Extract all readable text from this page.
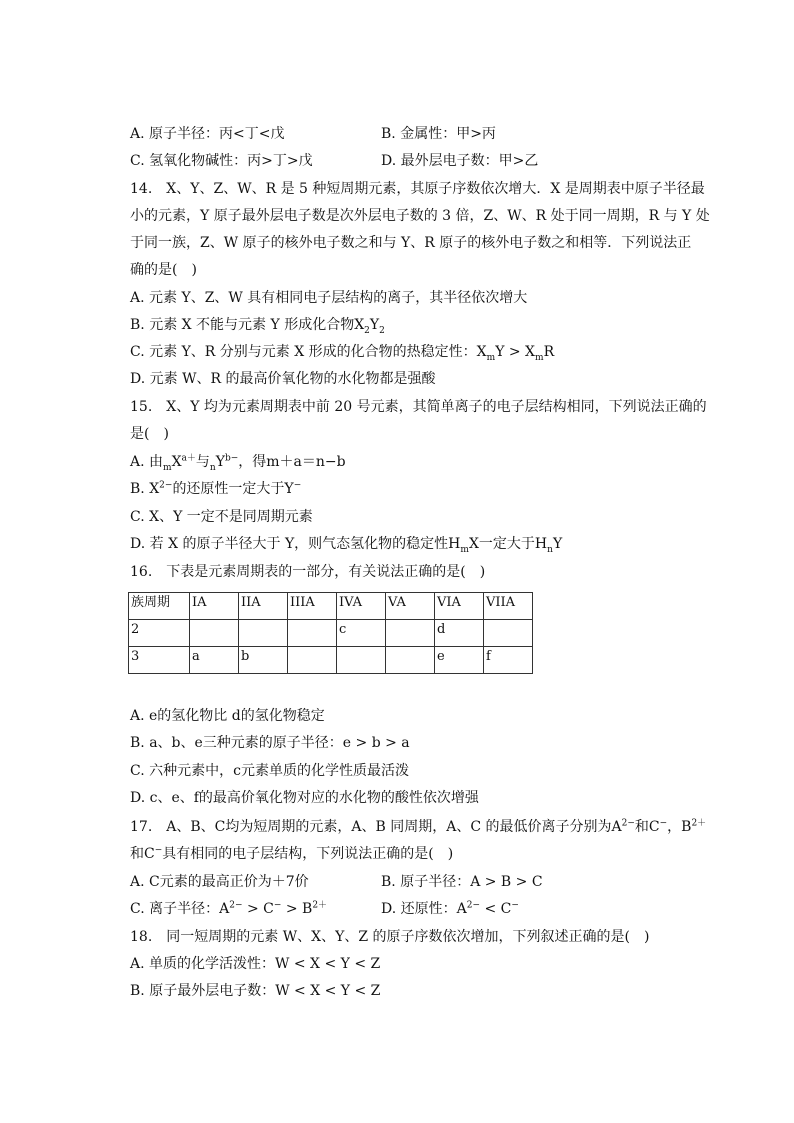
A. 原子半径：丙<丁<戊	B. 金属性：甲>丙
C. 氢氧化物碱性：丙>丁>戊	D. 最外层电子数：甲>乙
14.　X、Y、Z、W、R 是 5 种短周期元素，其原子序数依次增大．X 是周期表中原子半径最
小的元素，Y 原子最外层电子数是次外层电子数的 3 倍，Z、W、R 处于同一周期，R 与 Y 处
于同一族，Z、W 原子的核外电子数之和与 Y、R 原子的核外电子数之和相等．下列说法正
确的是(　)
A. 元素 Y、Z、W 具有相同电子层结构的离子，其半径依次增大
B. 元素 X 不能与元素 Y 形成化合物$X_2Y_2$
C. 元素 Y、R 分别与元素 X 形成的化合物的热稳定性：$X_mY > X_mR$
D. 元素 W、R 的最高价氧化物的水化物都是强酸
15.　X、Y 均为元素周期表中前 20 号元素，其简单离子的电子层结构相同，下列说法正确的
是(　)
A. 由$_mX^{a+}$与$_nY^{b-}$，得m＋a＝n−b
B. $X^{2-}$的还原性一定大于Y−
C. X、Y 一定不是同周期元素
D. 若 X 的原子半径大于 Y，则气态氢化物的稳定性$H_mX$一定大于$H_nY$
16.　下表是元素周期表的一部分，有关说法正确的是(　)
族周期	IA	IIA	IIIA	IVA	VA	VIA	VIIA
2				c		d	
3	a	b				e	f
A. e的氢化物比 d的氢化物稳定
B. a、b、e三种元素的原子半径：e > b > a
C. 六种元素中，c元素单质的化学性质最活泼
D. c、e、f的最高价氧化物对应的水化物的酸性依次增强
17.　A、B、C均为短周期的元素，A、B 同周期，A、C 的最低价离子分别为$A^{2-}$和C−，$B^{2+}$
和C−具有相同的电子层结构，下列说法正确的是(　)
A. C元素的最高正价为＋7价	B. 原子半径：A > B > C
C. 离子半径：$A^{2-} > C^- > B^{2+}$	D. 还原性：$A^{2-} < C^-$
18.　同一短周期的元素 W、X、Y、Z 的原子序数依次增加，下列叙述正确的是(　)
A. 单质的化学活泼性：W < X < Y < Z
B. 原子最外层电子数：W < X < Y < Z
